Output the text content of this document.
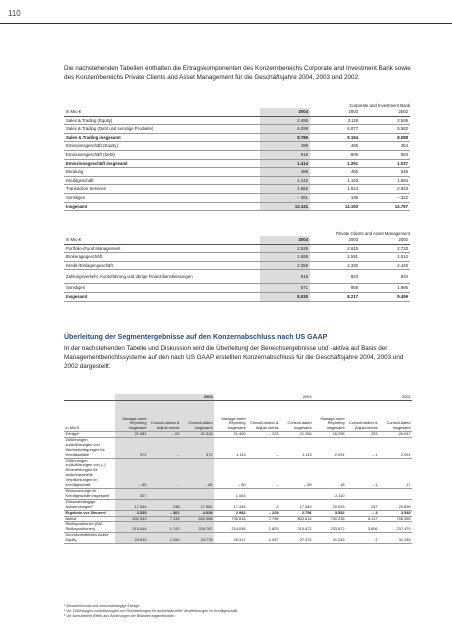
110
Die nachstehenden Tabellen enthalten die Ertragskomponenten des Konzernbereichs Corporate and Investment Bank sowie des Konzernbereichs Private Clients and Asset Management für die Geschäftsjahre 2004, 2003 und 2002:
Corporate and Investment Bank
in Mio €	2004	2003	2002
Sales & Trading (Equity)	2.486	3.118	2.506
Sales & Trading (Debt und sonstige Produkte)	6.299	6.077	5.582
Sales & Trading insgesamt	8.785	9.194	8.088
Emissionsgeschäft (Equity)	499	485	354
Emissionsgeschäft (Debt)	916	806	683
Emissionsgeschäft insgesamt	1.414	1.291	1.037
Beratung	488	465	546
Kreditgeschäft	1.142	1.193	1.604
Transaction Services	1.862	1.914	2.843
Sonstiges	– 361	136	– 322
Insgesamt	13.331	14.193	13.797
Private Clients and Asset Management
in Mio €	2004	2003	2002
Portfolio-/Fund Management	2.526	2.615	2.733
Brokeragegeschäft	1.659	1.591	1.512
Kredit-/Einlagengeschäft	2.358	2.330	2.425
Zahlungsverkehr, Kontoführung und übrige Finanzdienstleistungen	915	823	843
Sonstiges	571	858	1.986
Insgesamt	8.030	8.217	9.499
Überleitung der Segmentergebnisse auf den Konzernabschluss nach US GAAP
In der nachstehenden Tabelle und Diskussion wird die Überleitung der Bereichsergebnisse und -aktiva auf Basis der Managementberichtssysteme auf den nach US GAAP erstellten Konzernabschluss für die Geschäftsjahre 2004, 2003 und 2002 dargestellt:
	2004			2003			2002		
in Mio €	Manage-ment Reporting insgesamt	Consoli-dation & Adjust-ments	Consoli-dated insgesamt	Manage-ment Reporting insgesamt	Consoli-dation & Adjust-ments	Consoli-dated insgesamt	Manage-ment Reporting insgesamt	Consoli-dation & Adjust-ments	Consoli-dated insgesamt
Erträge¹	21.981	– 63	21.918	21.490	– 223	21.268	26.295	253	26.547
Zuführungen zu/Auflösungen von Wertberichtigungen für Kreditausfälle	372	–	372	1.113	–	1.113	2.091	– 1	2.091
Zuführungen zu/Auflösungen von (–) Rückstellungen für außerbilanzielle Verpflichtungen im Kreditgeschäft	– 65	–	– 65	– 50	–	– 50	18	– 1	17
Risikovorsorge im Kreditgeschäft insgesamt	307			1.063			2.110		
Zinsunabhängige Aufwendungen²	17.344	238	17.582	17.445	3	17.449	20.633	257	20.890
Ergebnis vor Steuern³	4.330	– 301	4.029	2.982	– 225	2.756	3.552	– 3	3.549
Aktiva	832.933	7.135	840.068	795.818	7.796	803.614	750.238	8.117	758.355
Risikopositionen (BIZ-Risikopositionen)	215.044	1.743	216.787	214.048	1.825	215.672	233.872	3.606	237.479
Durchschnittliches Active Equity	23.519	1.259	24.778	26.317	1.057	27.374	31.243	2	31.246
¹ Zinsüberschuss und zinsunabhängige Erträge.
² Vor Zuführungen zu/Auflösungen von Rückstellungen für außerbilanzielle Verpflichtungen im Kreditgeschäft.
³ Vor kumuliertem Effekt aus Änderungen der Bilanzierungsmethoden.
